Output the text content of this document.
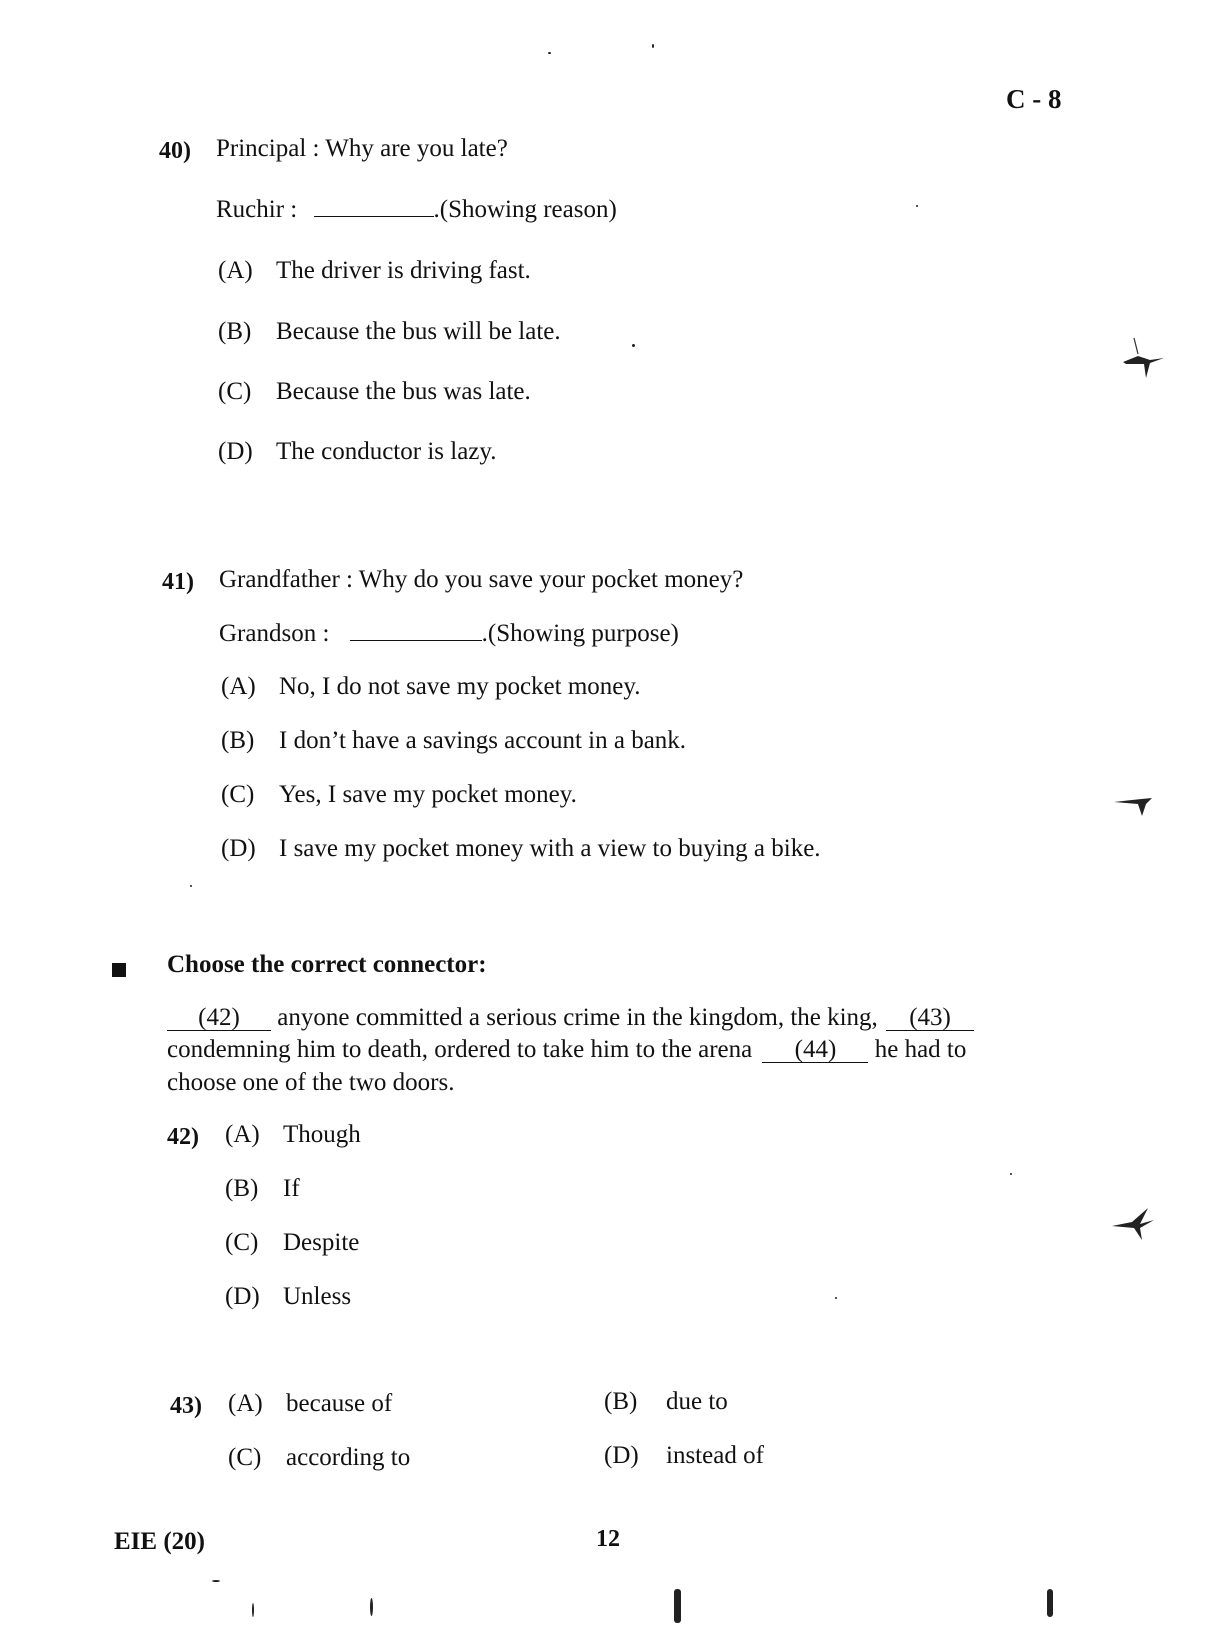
C - 8
40) Principal : Why are you late?
Ruchir :	.(Showing reason)
(A) The driver is driving fast.
(B) Because the bus will be late.
(C) Because the bus was late.
(D) The conductor is lazy.
41) Grandfather : Why do you save your pocket money?
Grandson :	.(Showing purpose)
(A) No, I do not save my pocket money.
(B) I don’t have a savings account in a bank.
(C) Yes, I save my pocket money.
(D) I save my pocket money with a view to buying a bike.
Choose the correct connector:
(42) anyone committed a serious crime in the kingdom, the king, (43)
condemning him to death, ordered to take him to the arena (44) he had to
choose one of the two doors.
42) (A) Though
(B) If
(C) Despite
(D) Unless
43) (A) because of	(B) due to
(C) according to	(D) instead of
EIE (20)	12
